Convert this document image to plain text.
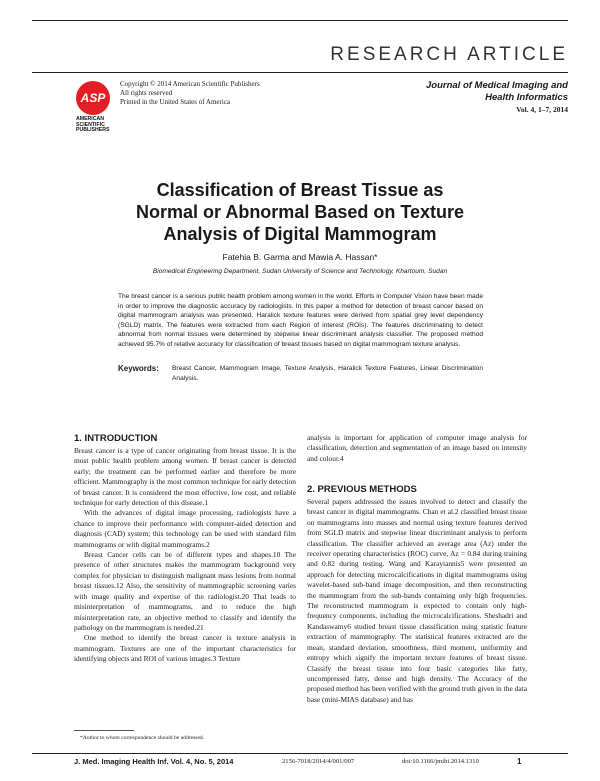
RESEARCH ARTICLE
ASP
AMERICAN
SCIENTIFIC
PUBLISHERS
Copyright © 2014 American Scientific Publishers
All rights reserved
Printed in the United States of America
Journal of Medical Imaging and
Health Informatics
Vol. 4, 1–7, 2014
Classification of Breast Tissue as
Normal or Abnormal Based on Texture
Analysis of Digital Mammogram
Fatehia B. Garma and Mawia A. Hassan*
Biomedical Engineering Department, Sudan University of Science and Technology, Khartoum, Sudan
The breast cancer is a serious public health problem among women in the world. Efforts in Computer Vision have been made in order to improve the diagnostic accuracy by radiologists. In this paper a method for detection of breast cancer based on digital mammogram analysis was presented. Haralick texture features were derived from spatial grey level dependency (SGLD) matrix. The features were extracted from each Region of interest (ROIs). The features discriminating to detect abnormal from normal tissues were determined by stepwise linear discriminant analysis classifier. The proposed method achieved 95.7% of relative accuracy for classification of breast tissues based on digital mammogram texture analysis.
Keywords: Breast Cancer, Mammogram Image, Texture Analysis, Haralick Texture Features, Linear Discrimination Analysis.
1. INTRODUCTION

Breast cancer is a type of cancer originating from breast tissue. It is the most public health problem among women. If breast cancer is detected early; the treatment can be performed earlier and therefore be more efficient. Mammography is the most common technique for early detection of breast cancer. It is considered the most effective, low cost, and reliable technique for early detection of this disease.1

With the advances of digital image processing, radiologists have a chance to improve their performance with computer-aided detection and diagnosis (CAD) system; this technology can be used with standard film mammograms or with digital mammograms.2

Breast Cancer cells can be of different types and shapes.10 The presence of other structures makes the mammogram background very complex for physician to distinguish malignant mass lesions from normal breast tissues.12 Also, the sensitivity of mammographic screening varies with image quality and expertise of the radiologist.20 That leads to misinterpretation of mammograms, and to reduce the high misinterpretation rate, an objective method to classify and identify the pathology on the mammogram is needed.21

One method to identify the breast cancer is texture analysis in mammogram. Textures are one of the important characteristics for identifying objects and ROI of various images.3 Texture

analysis is important for application of computer image analysis for classification, detection and segmentation of an image based on intensity and colour.4

2. PREVIOUS METHODS

Several papers addressed the issues involved to detect and classify the breast cancer in digital mammograms. Chan et al.2 classified breast tissue on mammograms into masses and normal using texture features derived from SGLD matrix and stepwise linear discriminant analysis to perform classification. The classifier achieved an average area (Az) under the receiver operating characteristics (ROC) curve, Az = 0.84 during training and 0.82 during testing. Wang and Karayiannis5 were presented an approach for detecting microcalcifications in digital mammograms using wavelet-based sub-band image decomposition, and then reconstructing the mammogram from the sub-bands containing only high frequencies. The reconstructed mammogram is expected to contain only high-frequency components, including the microcalcifications. Sheshadri and Kandaswamy6 studied breast tissue classification using statistic feature extraction of mammography. The statistical features extracted are the mean, standard deviation, smoothness, third moment, uniformity and entropy which signify the important texture features of breast tissue. Classify the breast tissue into four basic categories like fatty, uncompressed fatty, dense and high density. The Accuracy of the proposed method has been verified with the ground truth given in the data base (mini-MIAS database) and has

*Author to whom correspondence should be addressed.
J. Med. Imaging Health Inf. Vol. 4, No. 5, 2014	2156-7018/2014/4/001/007	doi:10.1166/jmihi.2014.1310	1
